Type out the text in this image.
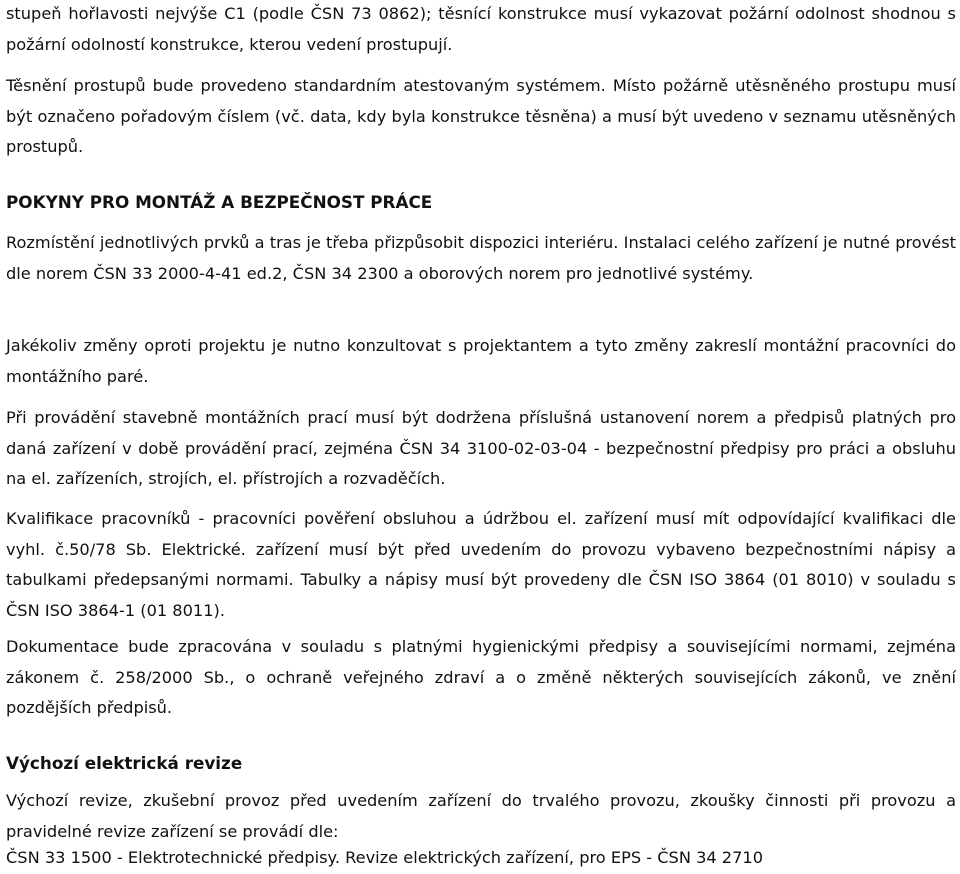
stupeň hořlavosti nejvýše C1 (podle ČSN 73 0862); těsnící konstrukce musí vykazovat požární odolnost shodnou s požární odolností konstrukce, kterou vedení prostupují.

Těsnění prostupů bude provedeno standardním atestovaným systémem. Místo požárně utěsněného prostupu musí být označeno pořadovým číslem (vč. data, kdy byla konstrukce těsněna) a musí být uvedeno v seznamu utěsněných prostupů.

POKYNY PRO MONTÁŽ A BEZPEČNOST PRÁCE

Rozmístění jednotlivých prvků a tras je třeba přizpůsobit dispozici interiéru. Instalaci celého zařízení je nutné provést dle norem ČSN 33 2000-4-41 ed.2, ČSN 34 2300 a oborových norem pro jednotlivé systémy.

Jakékoliv změny oproti projektu je nutno konzultovat s projektantem a tyto změny zakreslí montážní pracovníci do montážního paré.

Při provádění stavebně montážních prací musí být dodržena příslušná ustanovení norem a předpisů platných pro daná zařízení v době provádění prací, zejména ČSN 34 3100-02-03-04 - bezpečnostní předpisy pro práci a obsluhu na el. zařízeních, strojích, el. přístrojích a rozvaděčích.

Kvalifikace pracovníků - pracovníci pověření obsluhou a údržbou el. zařízení musí mít odpovídající kvalifikaci dle vyhl. č.50/78 Sb. Elektrické. zařízení musí být před uvedením do provozu vybaveno bezpečnostními nápisy a tabulkami předepsanými normami. Tabulky a nápisy musí být provedeny dle ČSN ISO 3864 (01 8010) v souladu s ČSN ISO 3864-1 (01 8011).

Dokumentace bude zpracována v souladu s platnými hygienickými předpisy a souvisejícími normami, zejména zákonem č. 258/2000 Sb., o ochraně veřejného zdraví a o změně některých souvisejících zákonů, ve znění pozdějších předpisů.

Výchozí elektrická revize

Výchozí revize, zkušební provoz před uvedením zařízení do trvalého provozu, zkoušky činnosti při provozu a pravidelné revize zařízení se provádí dle:

ČSN 33 1500 - Elektrotechnické předpisy. Revize elektrických zařízení, pro EPS - ČSN 34 2710
